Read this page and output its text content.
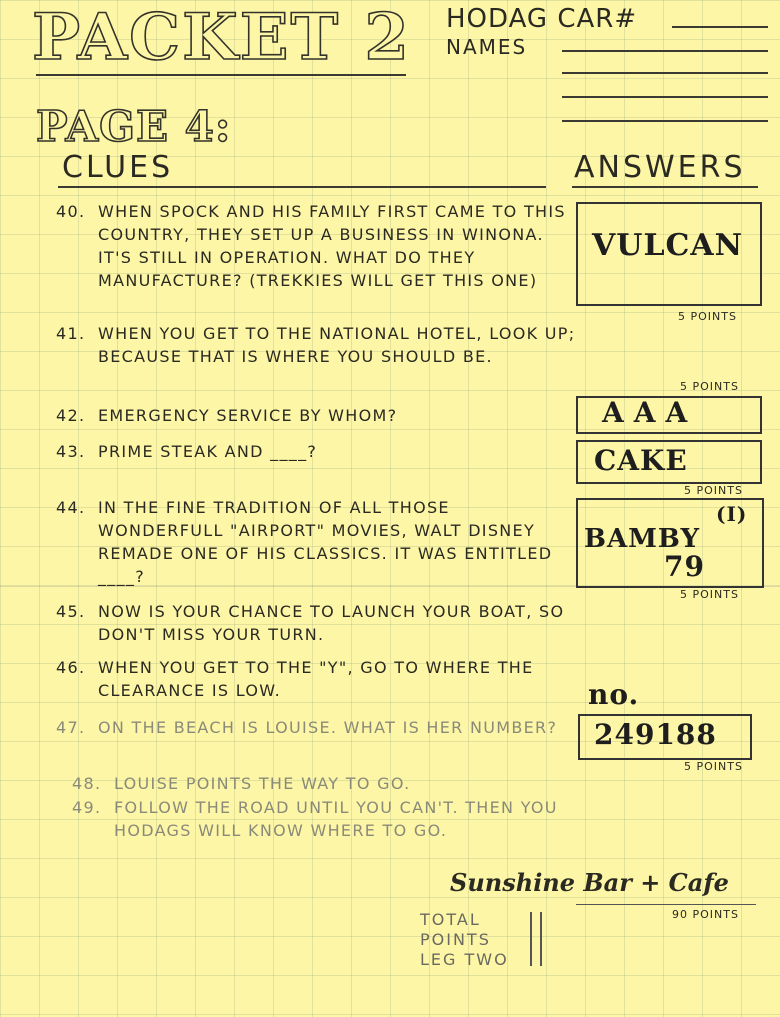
PACKET 2 HODAG CAR#
NAMES
PAGE 4:
CLUES	ANSWERS
40. WHEN SPOCK AND HIS FAMILY FIRST CAME TO THIS COUNTRY, THEY SET UP A BUSINESS IN WINONA. IT'S STILL IN OPERATION. WHAT DO THEY MANUFACTURE? (TREKKIES WILL GET THIS ONE)
41. WHEN YOU GET TO THE NATIONAL HOTEL, LOOK UP; BECAUSE THAT IS WHERE YOU SHOULD BE.
42. EMERGENCY SERVICE BY WHOM?
43. PRIME STEAK AND ____?
44. IN THE FINE TRADITION OF ALL THOSE WONDERFULL "AIRPORT" MOVIES, WALT DISNEY REMADE ONE OF HIS CLASSICS. IT WAS ENTITLED ____?
45. NOW IS YOUR CHANCE TO LAUNCH YOUR BOAT, SO DON'T MISS YOUR TURN.
46. WHEN YOU GET TO THE "Y", GO TO WHERE THE CLEARANCE IS LOW.
47. ON THE BEACH IS LOUISE. WHAT IS HER NUMBER?
48. LOUISE POINTS THE WAY TO GO.
49. FOLLOW THE ROAD UNTIL YOU CAN'T. THEN YOU HODAGS WILL KNOW WHERE TO GO.
VULCAN
5 POINTS
5 POINTS
AAA
CAKE
5 POINTS
BAMBY
(I)
79
5 POINTS
no.
249188
5 POINTS
Sunshine Bar + Cafe
90 POINTS
TOTAL
POINTS
LEG TWO
